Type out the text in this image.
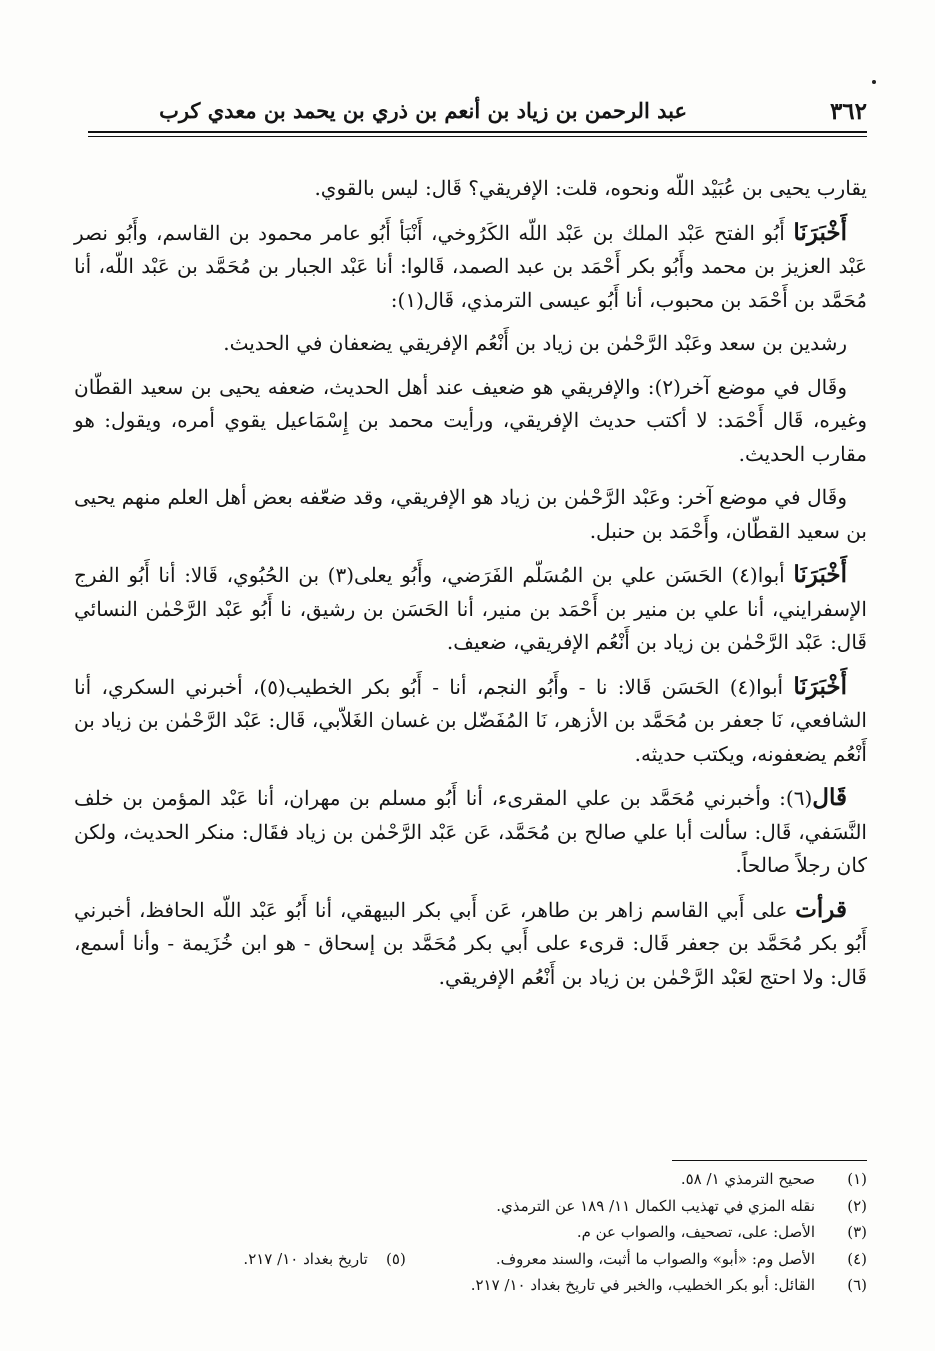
٣٦٢
عبد الرحمن بن زياد بن أنعم بن ذري بن يحمد بن معدي كرب

يقارب يحيى بن عُبَيْد اللّه ونحوه، قلت: الإفريقي؟ قَال: ليس بالقوي.

أَخْبَرَنَا أَبُو الفتح عَبْد الملك بن عَبْد اللّه الكَرُوخي، أَنْبَأ أَبُو عامر محمود بن القاسم، وأَبُو نصر عَبْد العزيز بن محمد وأَبُو بكر أَحْمَد بن عبد الصمد، قَالوا: أنا عَبْد الجبار بن مُحَمَّد بن عَبْد اللّه، أنا مُحَمَّد بن أَحْمَد بن محبوب، أنا أَبُو عيسى الترمذي، قَال(١):

رشدين بن سعد وعَبْد الرَّحْمٰن بن زياد بن أَنْعُم الإفريقي يضعفان في الحديث.

وقَال في موضع آخر(٢): والإفريقي هو ضعيف عند أهل الحديث، ضعفه يحيى بن سعيد القطّان وغيره، قَال أَحْمَد: لا أكتب حديث الإفريقي، ورأيت محمد بن إِسْمَاعيل يقوي أمره، ويقول: هو مقارب الحديث.

وقَال في موضع آخر: وعَبْد الرَّحْمٰن بن زياد هو الإفريقي، وقد ضعّفه بعض أهل العلم منهم يحيى بن سعيد القطّان، وأَحْمَد بن حنبل.

أَخْبَرَنَا أبوا(٤) الحَسَن علي بن المُسَلّم الفَرَضي، وأَبُو يعلى(٣) بن الحُبُوي، قَالا: أنا أَبُو الفرج الإسفرايني، أنا علي بن منير بن أَحْمَد بن منير، أنا الحَسَن بن رشيق، نا أَبُو عَبْد الرَّحْمٰن النسائي قَال: عَبْد الرَّحْمٰن بن زياد بن أَنْعُم الإفريقي، ضعيف.

أَخْبَرَنَا أبوا(٤) الحَسَن قَالا: نا - وأَبُو النجم، أنا - أَبُو بكر الخطيب(٥)، أخبرني السكري، أنا الشافعي، نَا جعفر بن مُحَمَّد بن الأزهر، نَا المُفَضّل بن غسان الغَلاّبي، قَال: عَبْد الرَّحْمٰن بن زياد بن أَنْعُم يضعفونه، ويكتب حديثه.

قَال(٦): وأخبرني مُحَمَّد بن علي المقرىء، أنا أَبُو مسلم بن مهران، أنا عَبْد المؤمن بن خلف النَّسَفي، قَال: سألت أبا علي صالح بن مُحَمَّد، عَن عَبْد الرَّحْمٰن بن زياد فقَال: منكر الحديث، ولكن كان رجلاً صالحاً.

قرأت على أَبي القاسم زاهر بن طاهر، عَن أَبي بكر البيهقي، أنا أَبُو عَبْد اللّه الحافظ، أخبرني أَبُو بكر مُحَمَّد بن جعفر قَال: قرىء على أَبي بكر مُحَمَّد بن إسحاق - هو ابن خُزَيمة - وأنا أسمع، قَال: ولا احتج لعَبْد الرَّحْمٰن بن زياد بن أَنْعُم الإفريقي.

(١)
صحيح الترمذي ١/ ٥٨.
(٢)
نقله المزي في تهذيب الكمال ١١/ ١٨٩ عن الترمذي.
(٣)
الأصل: على، تصحيف، والصواب عن م.
(٤)
الأصل وم: «أبو» والصواب ما أثبت، والسند معروف.
(٥)
تاريخ بغداد ١٠/ ٢١٧.
(٦)
القائل: أبو بكر الخطيب، والخبر في تاريخ بغداد ١٠/ ٢١٧.
